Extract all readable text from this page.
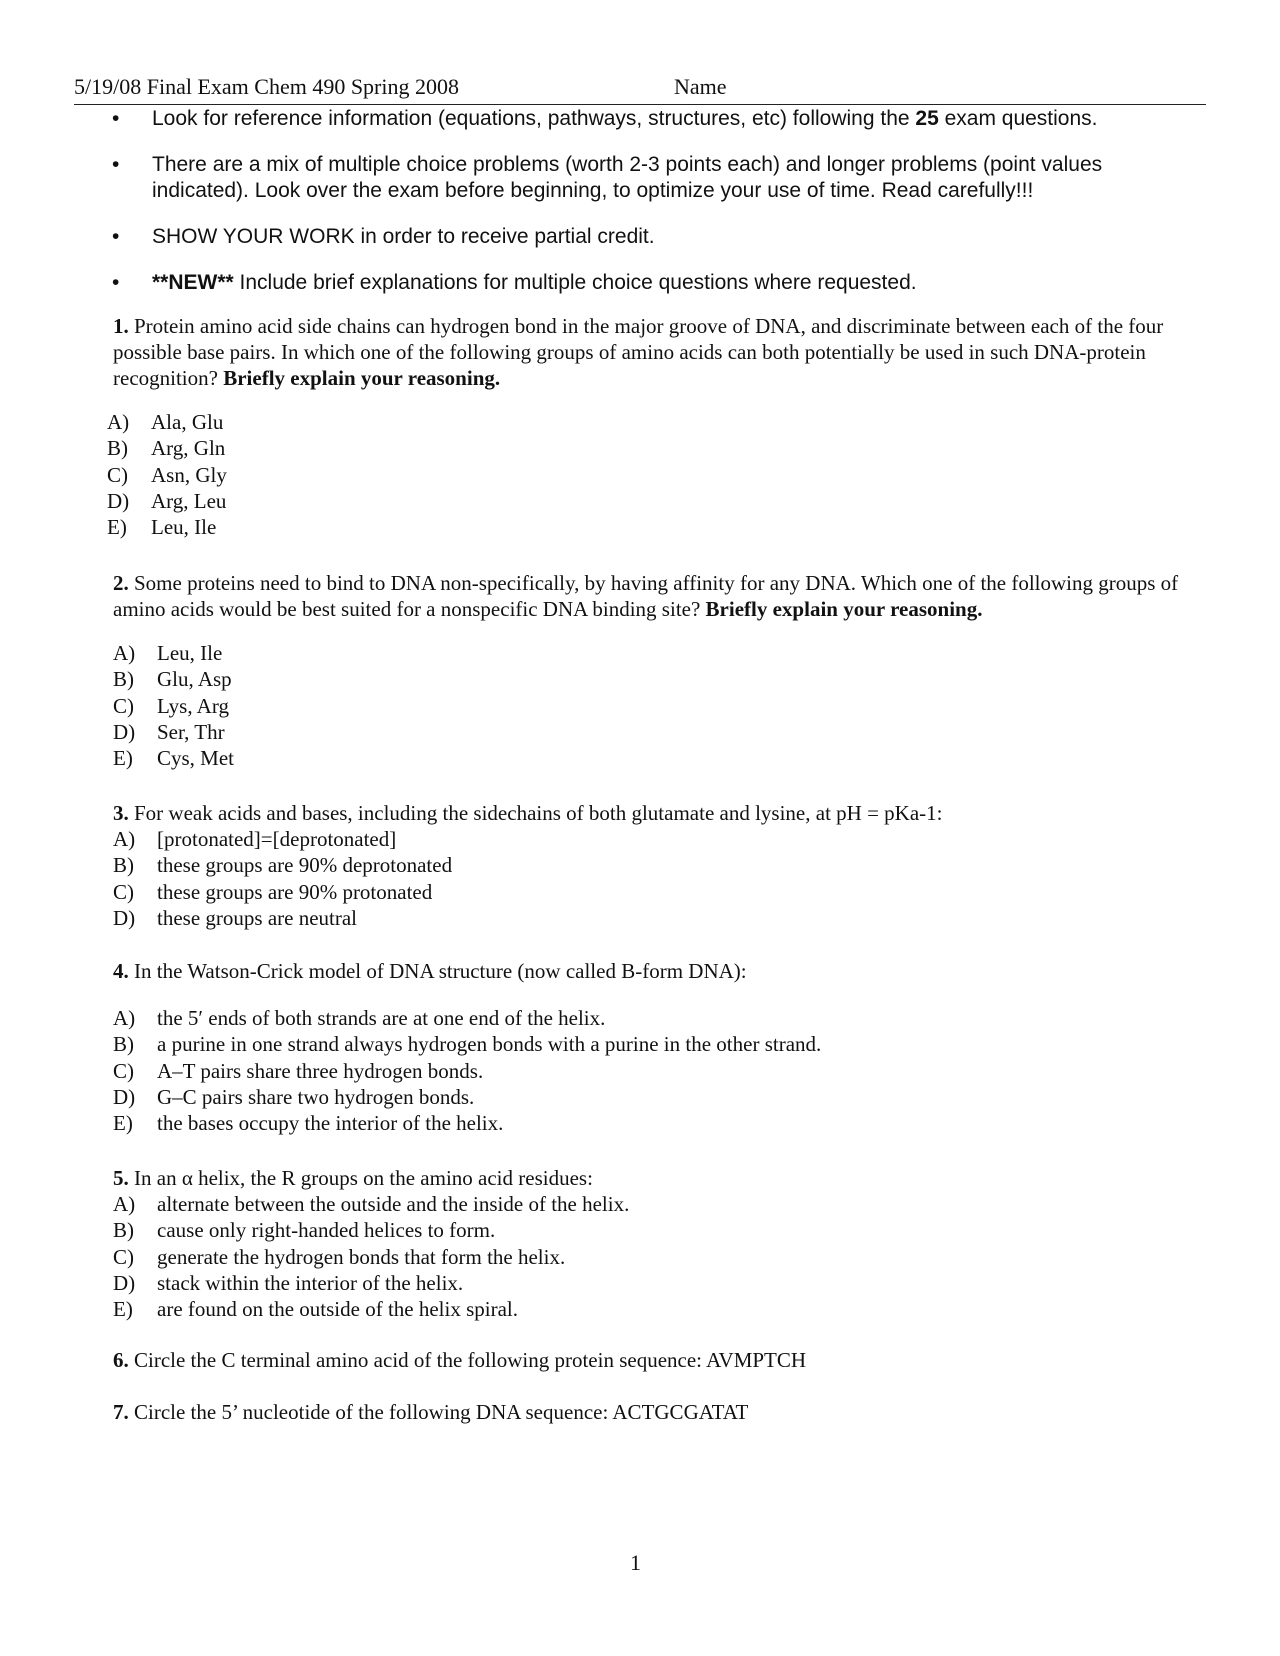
5/19/08 Final Exam Chem 490 Spring 2008	Name
• Look for reference information (equations, pathways, structures, etc) following the 25 exam questions.
• There are a mix of multiple choice problems (worth 2-3 points each) and longer problems (point values indicated). Look over the exam before beginning, to optimize your use of time. Read carefully!!!
• SHOW YOUR WORK in order to receive partial credit.
• **NEW** Include brief explanations for multiple choice questions where requested.
1. Protein amino acid side chains can hydrogen bond in the major groove of DNA, and discriminate between each of the four possible base pairs. In which one of the following groups of amino acids can both potentially be used in such DNA-protein recognition? Briefly explain your reasoning.
A) Ala, Glu
B) Arg, Gln
C) Asn, Gly
D) Arg, Leu
E) Leu, Ile
2. Some proteins need to bind to DNA non-specifically, by having affinity for any DNA. Which one of the following groups of amino acids would be best suited for a nonspecific DNA binding site? Briefly explain your reasoning.
A) Leu, Ile
B) Glu, Asp
C) Lys, Arg
D) Ser, Thr
E) Cys, Met
3. For weak acids and bases, including the sidechains of both glutamate and lysine, at pH = pKa-1:
A) [protonated]=[deprotonated]
B) these groups are 90% deprotonated
C) these groups are 90% protonated
D) these groups are neutral
4. In the Watson-Crick model of DNA structure (now called B-form DNA):
A) the 5′ ends of both strands are at one end of the helix.
B) a purine in one strand always hydrogen bonds with a purine in the other strand.
C) A–T pairs share three hydrogen bonds.
D) G–C pairs share two hydrogen bonds.
E) the bases occupy the interior of the helix.
5. In an α helix, the R groups on the amino acid residues:
A) alternate between the outside and the inside of the helix.
B) cause only right-handed helices to form.
C) generate the hydrogen bonds that form the helix.
D) stack within the interior of the helix.
E) are found on the outside of the helix spiral.
6. Circle the C terminal amino acid of the following protein sequence: AVMPTCH
7. Circle the 5’ nucleotide of the following DNA sequence: ACTGCGATAT
1
